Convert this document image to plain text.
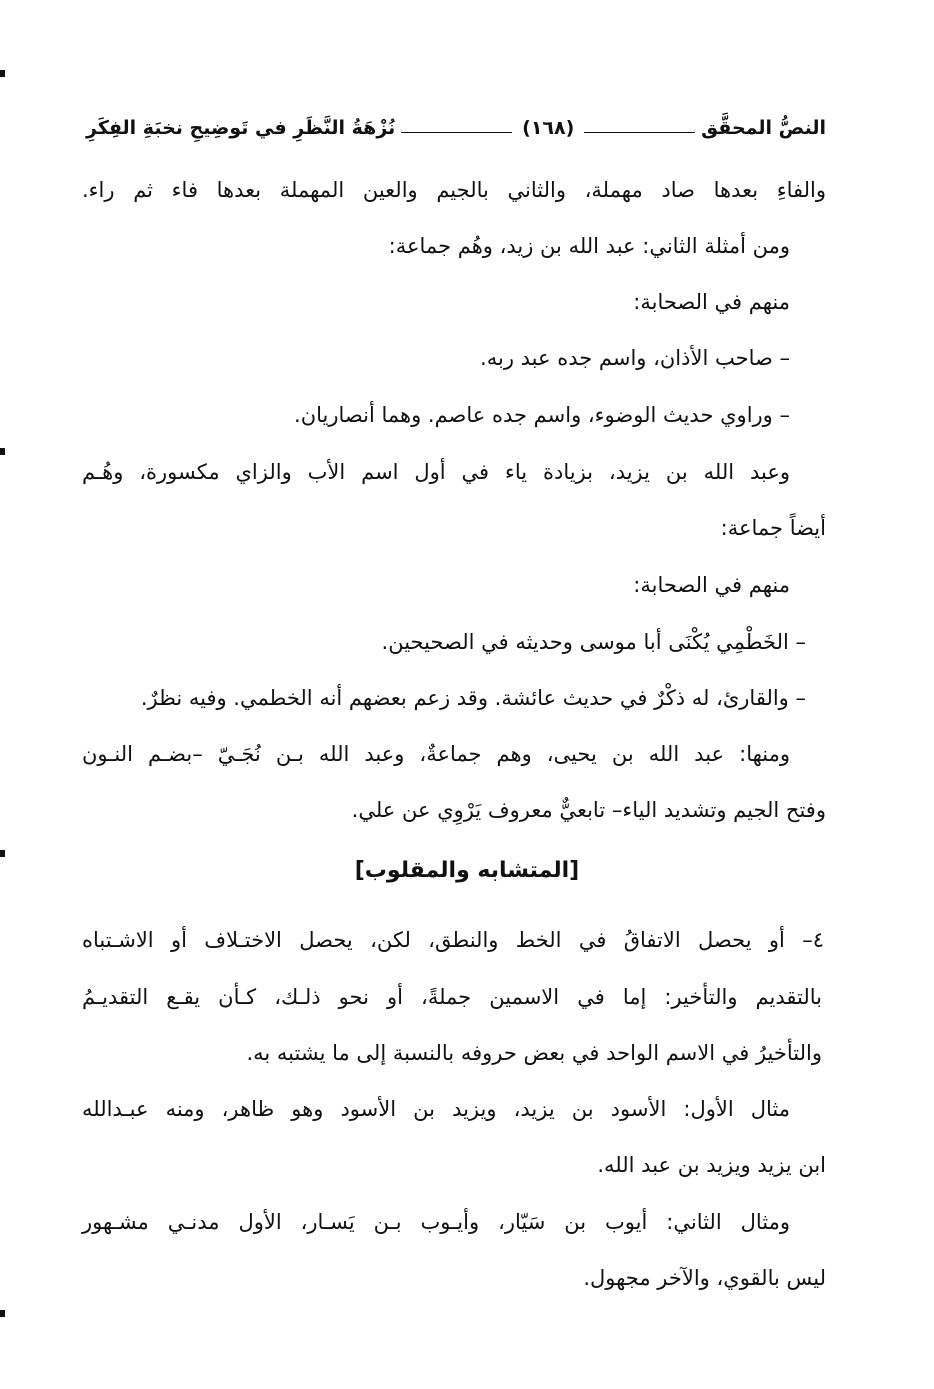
النصُّ المحقَّق
(١٦٨)
نُزْهَةُ النَّظَرِ في تَوضِيحِ نخبَةِ الفِكَرِ
والفاءِ بعدها صاد مهملة، والثاني بالجيم والعين المهملة بعدها فاء ثم راء.
ومن أمثلة الثاني: عبد الله بن زيد، وهُم جماعة:
منهم في الصحابة:
– صاحب الأذان، واسم جده عبد ربه.
– وراوي حديث الوضوء، واسم جده عاصم. وهما أنصاريان.
وعبد الله بن يزيد، بزيادة ياء في أول اسم الأب والزاي مكسورة، وهُـم
أيضاً جماعة:
منهم في الصحابة:
– الخَطْمِي يُكْنَى أبا موسى وحديثه في الصحيحين.
– والقارئ، له ذكْرٌ في حديث عائشة. وقد زعم بعضهم أنه الخطمي. وفيه نظرٌ.
ومنها: عبد الله بن يحيى، وهم جماعةٌ، وعبد الله بـن نُجَـيّ –بضـم النـون
وفتح الجيم وتشديد الياء– تابعيٌّ معروف يَرْوِي عن علي.
[المتشابه والمقلوب]
٤– أو يحصل الاتفاقُ في الخط والنطق، لكن، يحصل الاختـلاف أو الاشـتباه
بالتقديم والتأخير: إما في الاسمين جملةً، أو نحو ذلـك، كـأن يقـع التقديـمُ
والتأخيرُ في الاسم الواحد في بعض حروفه بالنسبة إلى ما يشتبه به.
مثال الأول: الأسود بن يزيد، ويزيد بن الأسود وهو ظاهر، ومنه عبـدالله
ابن يزيد ويزيد بن عبد الله.
ومثال الثاني: أيوب بن سَيّار، وأيـوب بـن يَسـار، الأول مدنـي مشـهور
ليس بالقوي، والآخر مجهول.
